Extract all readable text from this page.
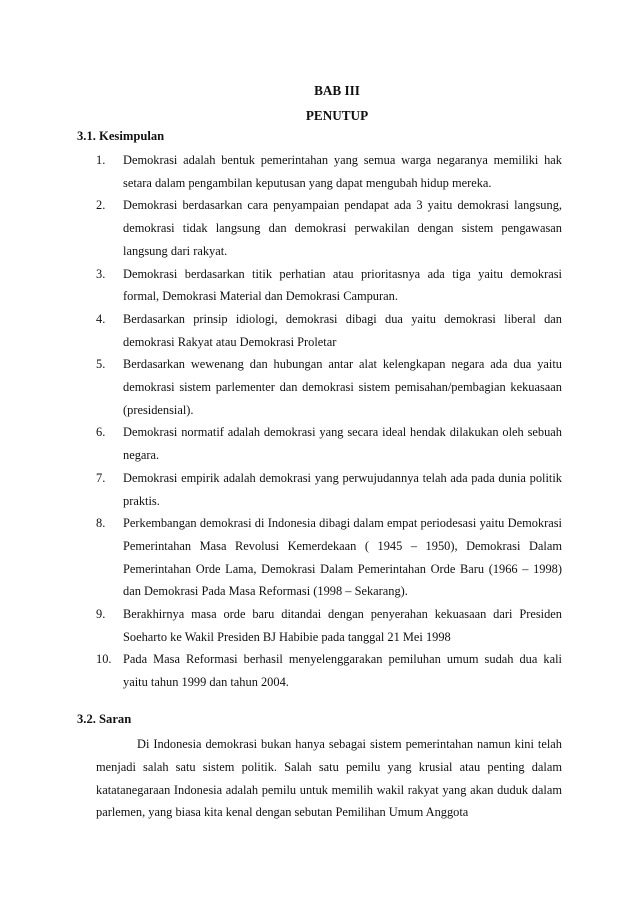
BAB III
PENUTUP
3.1. Kesimpulan
1.	Demokrasi adalah bentuk pemerintahan yang semua warga negaranya memiliki hak setara dalam pengambilan keputusan yang dapat mengubah hidup mereka.
2.	Demokrasi berdasarkan cara penyampaian pendapat ada 3 yaitu demokrasi langsung, demokrasi tidak langsung dan demokrasi perwakilan dengan sistem pengawasan langsung dari rakyat.
3.	Demokrasi berdasarkan titik perhatian atau prioritasnya ada tiga yaitu demokrasi formal, Demokrasi Material dan Demokrasi Campuran.
4.	Berdasarkan prinsip idiologi, demokrasi dibagi dua yaitu demokrasi liberal dan demokrasi Rakyat atau Demokrasi Proletar
5.	Berdasarkan wewenang dan hubungan antar alat kelengkapan negara ada dua yaitu demokrasi sistem parlementer dan demokrasi sistem pemisahan/pembagian kekuasaan (presidensial).
6.	Demokrasi normatif adalah demokrasi yang secara ideal hendak dilakukan oleh sebuah negara.
7.	Demokrasi empirik adalah demokrasi yang perwujudannya telah ada pada dunia politik praktis.
8.	Perkembangan demokrasi di Indonesia dibagi dalam empat periodesasi yaitu Demokrasi Pemerintahan Masa Revolusi Kemerdekaan ( 1945 – 1950), Demokrasi Dalam Pemerintahan Orde Lama, Demokrasi Dalam Pemerintahan Orde Baru (1966 – 1998) dan Demokrasi Pada Masa Reformasi (1998 – Sekarang).
9.	Berakhirnya masa orde baru ditandai dengan penyerahan kekuasaan dari Presiden Soeharto ke Wakil Presiden BJ Habibie pada tanggal 21 Mei 1998
10. Pada Masa Reformasi berhasil menyelenggarakan pemiluhan umum sudah dua kali yaitu tahun 1999 dan tahun 2004.
3.2. Saran

Di Indonesia demokrasi bukan hanya sebagai sistem pemerintahan namun kini telah menjadi salah satu sistem politik. Salah satu pemilu yang krusial atau penting dalam katatanegaraan Indonesia adalah pemilu untuk memilih wakil rakyat yang akan duduk dalam parlemen, yang biasa kita kenal dengan sebutan Pemilihan Umum Anggota
